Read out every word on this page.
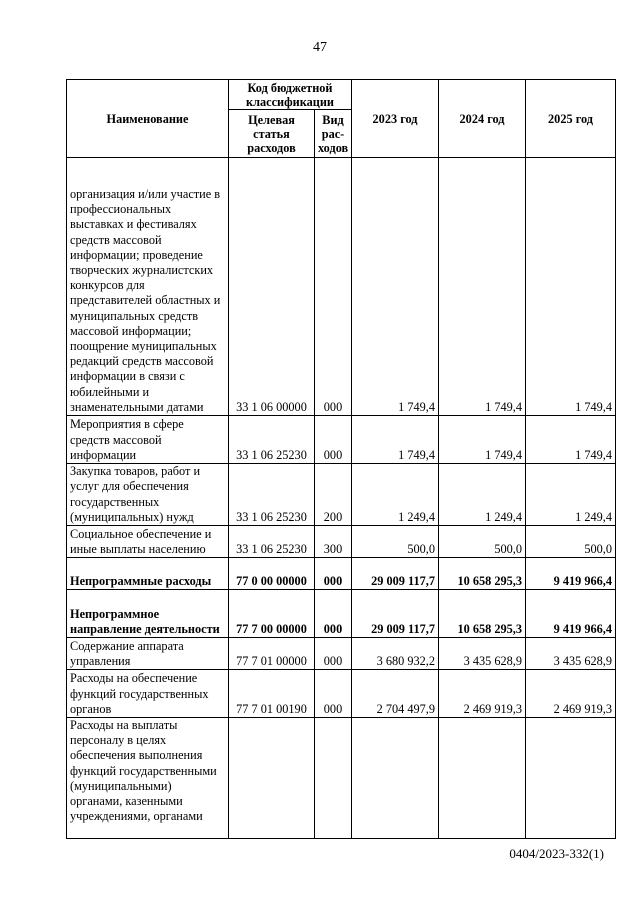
47
Наименование	Код бюджетной классификации		2023 год	2024 год	2025 год
	Целевая статья расходов	Вид рас-ходов			
организация и/или участие в профессиональных выставках и фестивалях средств массовой информации; проведение творческих журналистских конкурсов для представителей областных и муниципальных средств массовой информации; поощрение муниципальных редакций средств массовой информации в связи с юбилейными и знаменательными датами	33 1 06 00000	000	1 749,4	1 749,4	1 749,4
Мероприятия в сфере средств массовой информации	33 1 06 25230	000	1 749,4	1 749,4	1 749,4
Закупка товаров, работ и услуг для обеспечения государственных (муниципальных) нужд	33 1 06 25230	200	1 249,4	1 249,4	1 249,4
Социальное обеспечение и иные выплаты населению	33 1 06 25230	300	500,0	500,0	500,0
Непрограммные расходы	77 0 00 00000	000	29 009 117,7	10 658 295,3	9 419 966,4
Непрограммное направление деятельности	77 7 00 00000	000	29 009 117,7	10 658 295,3	9 419 966,4
Содержание аппарата управления	77 7 01 00000	000	3 680 932,2	3 435 628,9	3 435 628,9
Расходы на обеспечение функций государственных органов	77 7 01 00190	000	2 704 497,9	2 469 919,3	2 469 919,3
Расходы на выплаты персоналу в целях обеспечения выполнения функций государственными (муниципальными) органами, казенными учреждениями, органами					
0404/2023-332(1)
